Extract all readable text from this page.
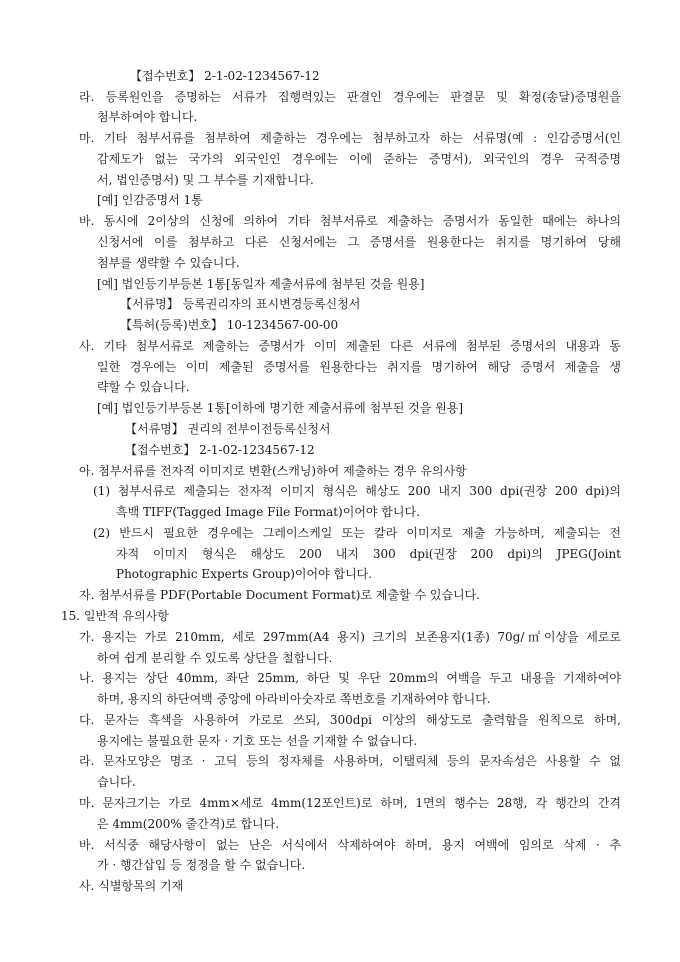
【접수번호】 2-1-02-1234567-12
라. 등록원인을 증명하는 서류가 집행력있는 판결인 경우에는 판결문 및 확정(송달)증명원을
첨부하여야 합니다.
마. 기타 첨부서류를 첨부하여 제출하는 경우에는 첨부하고자 하는 서류명(예 : 인감증명서(인
감제도가 없는 국가의 외국인인 경우에는 이에 준하는 증명서), 외국인의 경우 국적증명
서, 법인증명서) 및 그 부수를 기재합니다.
[예] 인감증명서 1통
바. 동시에 2이상의 신청에 의하여 기타 첨부서류로 제출하는 증명서가 동일한 때에는 하나의
신청서에 이를 첨부하고 다른 신청서에는 그 증명서를 원용한다는 취지를 명기하여 당해
첨부를 생략할 수 있습니다.
[예] 법인등기부등본 1통[동일자 제출서류에 첨부된 것을 원용]
【서류명】 등록권리자의 표시변경등록신청서
【특허(등록)번호】 10-1234567-00-00
사. 기타 첨부서류로 제출하는 증명서가 이미 제출된 다른 서류에 첨부된 증명서의 내용과 동
일한 경우에는 이미 제출된 증명서를 원용한다는 취지를 명기하여 해당 증명서 제출을 생
략할 수 있습니다.
[예] 법인등기부등본 1통[이하에 명기한 제출서류에 첨부된 것을 원용]
【서류명】 권리의 전부이전등록신청서
【접수번호】 2-1-02-1234567-12
아. 첨부서류를 전자적 이미지로 변환(스캐닝)하여 제출하는 경우 유의사항
(1) 첨부서류로 제출되는 전자적 이미지 형식은 해상도 200 내지 300 dpi(권장 200 dpi)의
흑백 TIFF(Tagged Image File Format)이어야 합니다.
(2) 반드시 필요한 경우에는 그레이스케일 또는 칼라 이미지로 제출 가능하며, 제출되는 전
자적 이미지 형식은 해상도 200 내지 300 dpi(권장 200 dpi)의 JPEG(Joint
Photographic Experts Group)이어야 합니다.
자. 첨부서류를 PDF(Portable Document Format)로 제출할 수 있습니다.
15. 일반적 유의사항
가. 용지는 가로 210mm, 세로 297mm(A4 용지) 크기의 보존용지(1종) 70g/㎡이상을 세로로
하여 쉽게 분리할 수 있도록 상단을 철합니다.
나. 용지는 상단 40mm, 좌단 25mm, 하단 및 우단 20mm의 여백을 두고 내용을 기재하여야
하며, 용지의 하단여백 중앙에 아라비아숫자로 쪽번호를 기재하여야 합니다.
다. 문자는 흑색을 사용하여 가로로 쓰되, 300dpi 이상의 해상도로 출력함을 원칙으로 하며,
용지에는 불필요한 문자 · 기호 또는 선을 기재할 수 없습니다.
라. 문자모양은 명조 · 고딕 등의 정자체를 사용하며, 이탤릭체 등의 문자속성은 사용할 수 없
습니다.
마. 문자크기는 가로 4mm×세로 4mm(12포인트)로 하며, 1면의 행수는 28행, 각 행간의 간격
은 4mm(200% 줄간격)로 합니다.
바. 서식중 해당사항이 없는 난은 서식에서 삭제하여야 하며, 용지 여백에 임의로 삭제 · 추
가 · 행간삽입 등 정정을 할 수 없습니다.
사. 식별항목의 기재
